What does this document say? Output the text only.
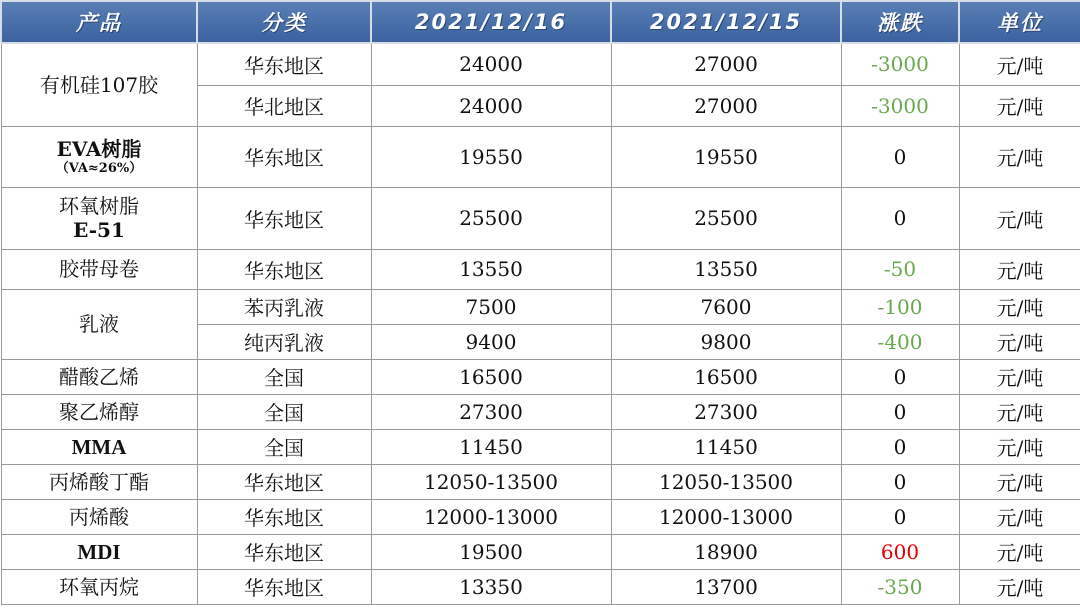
产品	分类	2021/12/16	2021/12/15	涨跌	单位
有机硅107胶	华东地区	24000	27000	-3000	元/吨
	华北地区	24000	27000	-3000	元/吨
EVA树脂
（VA≈26%）	华东地区	19550	19550	0	元/吨
环氧树脂
E-51	华东地区	25500	25500	0	元/吨
胶带母卷	华东地区	13550	13550	-50	元/吨
乳液	苯丙乳液	7500	7600	-100	元/吨
	纯丙乳液	9400	9800	-400	元/吨
醋酸乙烯	全国	16500	16500	0	元/吨
聚乙烯醇	全国	27300	27300	0	元/吨
MMA	全国	11450	11450	0	元/吨
丙烯酸丁酯	华东地区	12050-13500	12050-13500	0	元/吨
丙烯酸	华东地区	12000-13000	12000-13000	0	元/吨
MDI	华东地区	19500	18900	600	元/吨
环氧丙烷	华东地区	13350	13700	-350	元/吨
